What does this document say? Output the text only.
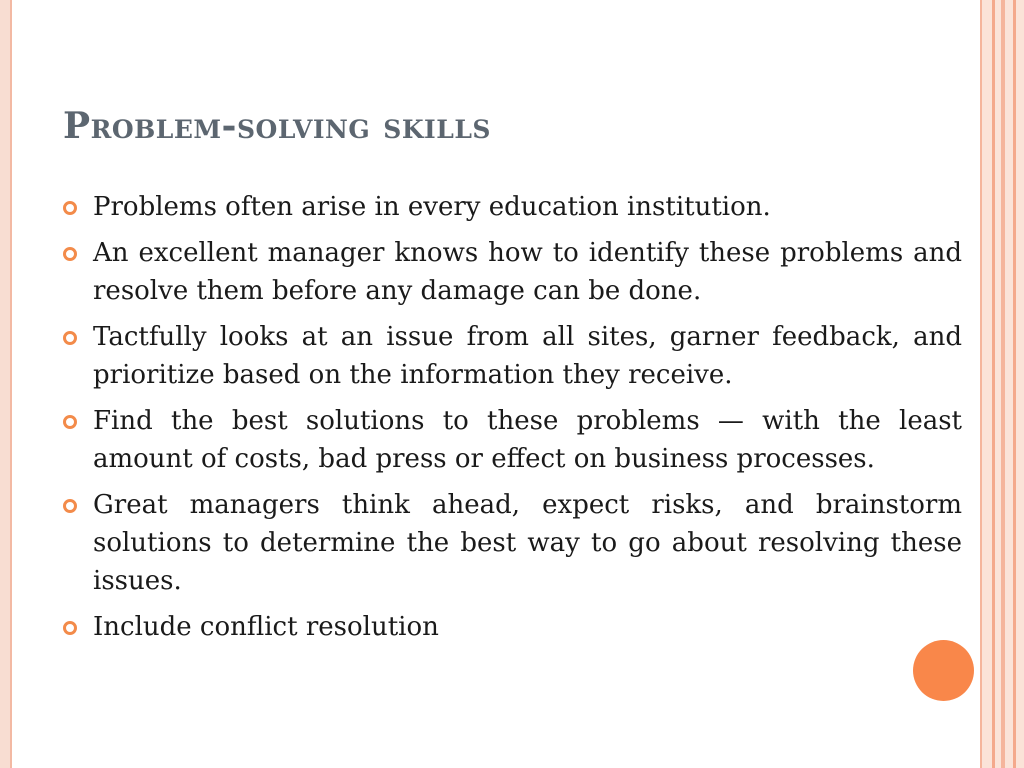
Problem-solving skills
Problems often arise in every education institution.
An excellent manager knows how to identify these problems and resolve them before any damage can be done.
Tactfully looks at an issue from all sites, garner feedback, and prioritize based on the information they receive.
Find the best solutions to these problems — with the least amount of costs, bad press or effect on business processes.
Great managers think ahead, expect risks, and brainstorm solutions to determine the best way to go about resolving these issues.
Include conflict resolution
